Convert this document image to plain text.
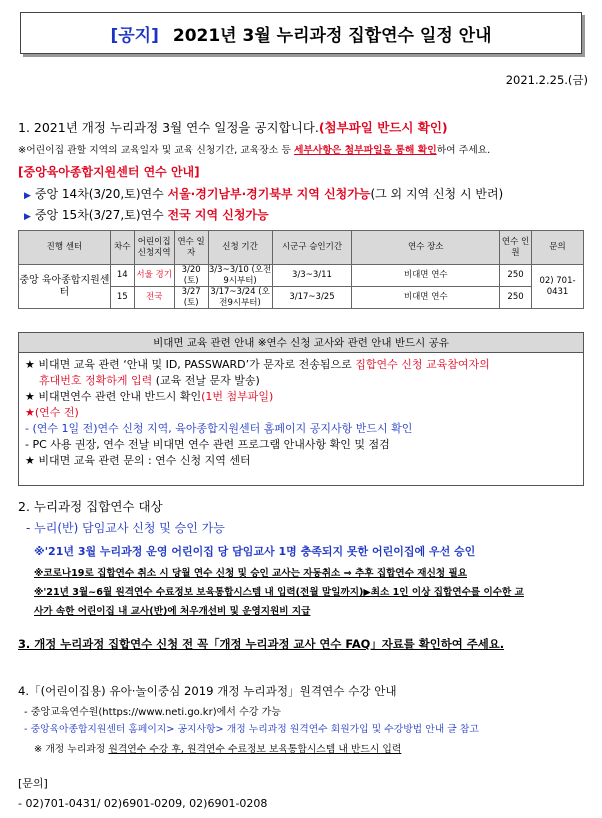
[공지] 2021년 3월 누리과정 집합연수 일정 안내
2021.2.25.(금)
1. 2021년 개정 누리과정 3월 연수 일정을 공지합니다.(첨부파일 반드시 확인)
※어린이집 관할 지역의 교육일자 및 교육 신청기간, 교육장소 등 세부사항은 첨부파일을 통해 확인하여 주세요.
[중앙육아종합지원센터 연수 안내]
▶ 중앙 14차(3/20,토)연수 서울·경기남부·경기북부 지역 신청가능(그 외 지역 신청 시 반려)
▶ 중앙 15차(3/27,토)연수 전국 지역 신청가능
진행 센터	차수	어린이집 신청지역	연수 일자	신청 기간	시군구 승인기간	연수 장소	연수 인원	문의
중앙 육아종합지원센터	14	서울 경기	3/20 (토)	3/3~3/10 (오전9시부터)	3/3~3/11	비대면 연수	250	02) 701-0431
	15	전국	3/27 (토)	3/17~3/24 (오전9시부터)	3/17~3/25	비대면 연수	250	
비대면 교육 관련 안내 ※연수 신청 교사와 관련 안내 반드시 공유
★ 비대면 교육 관련 ‘안내 및 ID, PASSWARD’가 문자로 전송됨으로 집합연수 신청 교육참여자의
휴대번호 정확하게 입력 (교육 전날 문자 발송)
★ 비대면연수 관련 안내 반드시 확인(1번 첨부파일)
★(연수 전)
- (연수 1일 전)연수 신청 지역, 육아종합지원센터 홈페이지 공지사항 반드시 확인
- PC 사용 권장, 연수 전날 비대면 연수 관련 프로그램 안내사항 확인 및 점검
★ 비대면 교육 관련 문의 : 연수 신청 지역 센터
2. 누리과정 집합연수 대상
- 누리(반) 담임교사 신청 및 승인 가능
※'21년 3월 누리과정 운영 어린이집 당 담임교사 1명 충족되지 못한 어린이집에 우선 승인
※코로나19로 집합연수 취소 시 당월 연수 신청 및 승인 교사는 자동취소 ⇒ 추후 집합연수 재신청 필요
※'21년 3월~6월 원격연수 수료정보 보육통합시스템 내 입력(전월 말일까지)▶최소 1인 이상 집합연수를 이수한 교
사가 속한 어린이집 내 교사(반)에 처우개선비 및 운영지원비 지급
3. 개정 누리과정 집합연수 신청 전 꼭「개정 누리과정 교사 연수 FAQ」자료를 확인하여 주세요.
4.「(어린이집용) 유아·놀이중심 2019 개정 누리과정」원격연수 수강 안내
- 중앙교육연수원(https://www.neti.go.kr)에서 수강 가능
- 중앙육아종합지원센터 홈페이지> 공지사항> 개정 누리과정 원격연수 회원가입 및 수강방법 안내 글 참고
※ 개정 누리과정 원격연수 수강 후, 원격연수 수료정보 보육통합시스템 내 반드시 입력
[문의]
- 02)701-0431/ 02)6901-0209, 02)6901-0208
